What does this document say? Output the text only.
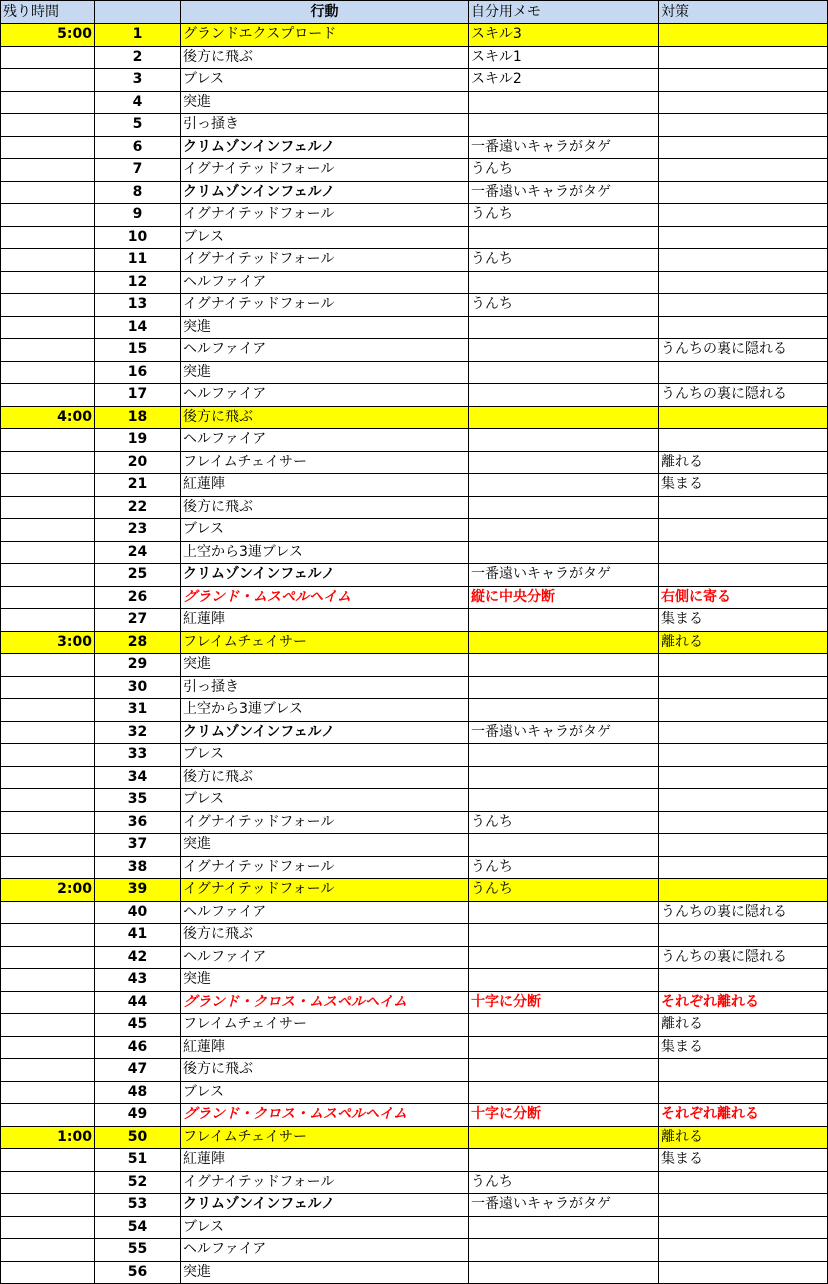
残り時間		行動	自分用メモ	対策
5:00	1	グランドエクスプロード	スキル3	
	2	後方に飛ぶ	スキル1	
	3	ブレス	スキル2	
	4	突進		
	5	引っ掻き		
	6	クリムゾンインフェルノ	一番遠いキャラがタゲ	
	7	イグナイテッドフォール	うんち	
	8	クリムゾンインフェルノ	一番遠いキャラがタゲ	
	9	イグナイテッドフォール	うんち	
	10	ブレス		
	11	イグナイテッドフォール	うんち	
	12	ヘルファイア		
	13	イグナイテッドフォール	うんち	
	14	突進		
	15	ヘルファイア		うんちの裏に隠れる
	16	突進		
	17	ヘルファイア		うんちの裏に隠れる
4:00	18	後方に飛ぶ		
	19	ヘルファイア		
	20	フレイムチェイサー		離れる
	21	紅蓮陣		集まる
	22	後方に飛ぶ		
	23	ブレス		
	24	上空から3連ブレス		
	25	クリムゾンインフェルノ	一番遠いキャラがタゲ	
	26	グランド・ムスペルヘイム	縦に中央分断	右側に寄る
	27	紅蓮陣		集まる
3:00	28	フレイムチェイサー		離れる
	29	突進		
	30	引っ掻き		
	31	上空から3連ブレス		
	32	クリムゾンインフェルノ	一番遠いキャラがタゲ	
	33	ブレス		
	34	後方に飛ぶ		
	35	ブレス		
	36	イグナイテッドフォール	うんち	
	37	突進		
	38	イグナイテッドフォール	うんち	
2:00	39	イグナイテッドフォール	うんち	
	40	ヘルファイア		うんちの裏に隠れる
	41	後方に飛ぶ		
	42	ヘルファイア		うんちの裏に隠れる
	43	突進		
	44	グランド・クロス・ムスペルヘイム	十字に分断	それぞれ離れる
	45	フレイムチェイサー		離れる
	46	紅蓮陣		集まる
	47	後方に飛ぶ		
	48	ブレス		
	49	グランド・クロス・ムスペルヘイム	十字に分断	それぞれ離れる
1:00	50	フレイムチェイサー		離れる
	51	紅蓮陣		集まる
	52	イグナイテッドフォール	うんち	
	53	クリムゾンインフェルノ	一番遠いキャラがタゲ	
	54	ブレス		
	55	ヘルファイア		
	56	突進		
